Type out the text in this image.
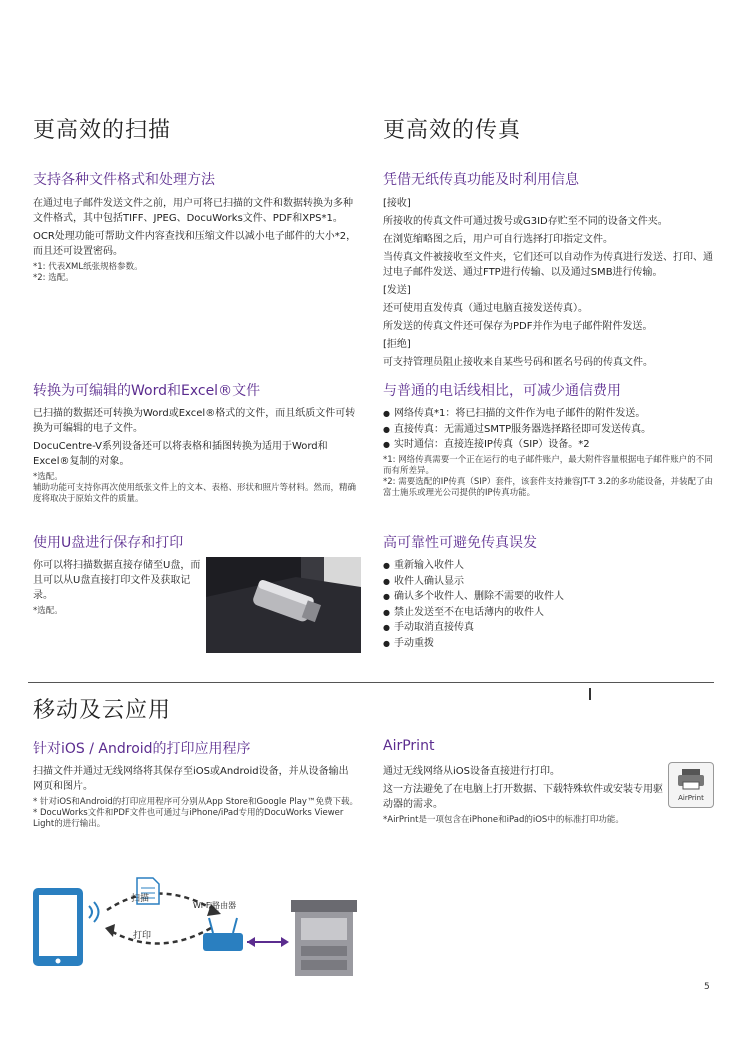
更高效的扫描
支持各种文件格式和处理方法
在通过电子邮件发送文件之前，用户可将已扫描的文件和数据转换为多种文件格式，其中包括TIFF、JPEG、DocuWorks文件、PDF和XPS*1。
OCR处理功能可帮助文件内容查找和压缩文件以减小电子邮件的大小*2，而且还可设置密码。
*1: 代表XML纸张规格参数。
*2: 选配。
转换为可编辑的Word和Excel®文件
已扫描的数据还可转换为Word或Excel®格式的文件，而且纸质文件可转换为可编辑的电子文件。
DocuCentre-V系列设备还可以将表格和插图转换为适用于Word和Excel®复制的对象。
*选配。
辅助功能可支持你再次使用纸张文件上的文本、表格、形状和照片等材料。然而，精确度将取决于原始文件的质量。
使用U盘进行保存和打印
你可以将扫描数据直接存储至U盘，而且可以从U盘直接打印文件及获取记录。
*选配。
更高效的传真
凭借无纸传真功能及时利用信息
[接收]
所接收的传真文件可通过拨号或G3ID存贮至不同的设备文件夹。
在浏览缩略图之后，用户可自行选择打印指定文件。
当传真文件被接收至文件夹，它们还可以自动作为传真进行发送、打印、通过电子邮件发送、通过FTP进行传输、以及通过SMB进行传输。
[发送]
还可使用直发传真（通过电脑直接发送传真）。
所发送的传真文件还可保存为PDF并作为电子邮件附件发送。
[拒绝]
可支持管理员阻止接收来自某些号码和匿名号码的传真文件。
与普通的电话线相比，可减少通信费用
● 网络传真*1：将已扫描的文件作为电子邮件的附件发送。
● 直接传真：无需通过SMTP服务器选择路径即可发送传真。
● 实时通信：直接连接IP传真（SIP）设备。*2
*1: 网络传真需要一个正在运行的电子邮件账户，最大附件容量根据电子邮件账户的不同而有所差异。
*2: 需要选配的IP传真（SIP）套件，该套件支持兼容JT-T 3.2的多功能设备，并装配了由富士施乐或理光公司提供的IP传真功能。
高可靠性可避免传真误发
● 重新输入收件人
● 收件人确认显示
● 确认多个收件人、删除不需要的收件人
● 禁止发送至不在电话薄内的收件人
● 手动取消直接传真
● 手动重拨
移动及云应用
针对iOS / Android的打印应用程序
扫描文件并通过无线网络将其保存至iOS或Android设备，并从设备输出网页和图片。
* 针对iOS和Android的打印应用程序可分别从App Store和Google Play™免费下载。
* DocuWorks文件和PDF文件也可通过与iPhone/iPad专用的DocuWorks Viewer Light的进行输出。
扫描
打印
Wi-Fi路由器
AirPrint
通过无线网络从iOS设备直接进行打印。
这一方法避免了在电脑上打开数据、下载特殊软件或安装专用驱动器的需求。
*AirPrint是一项包含在iPhone和iPad的iOS中的标准打印功能。
AirPrint
5
